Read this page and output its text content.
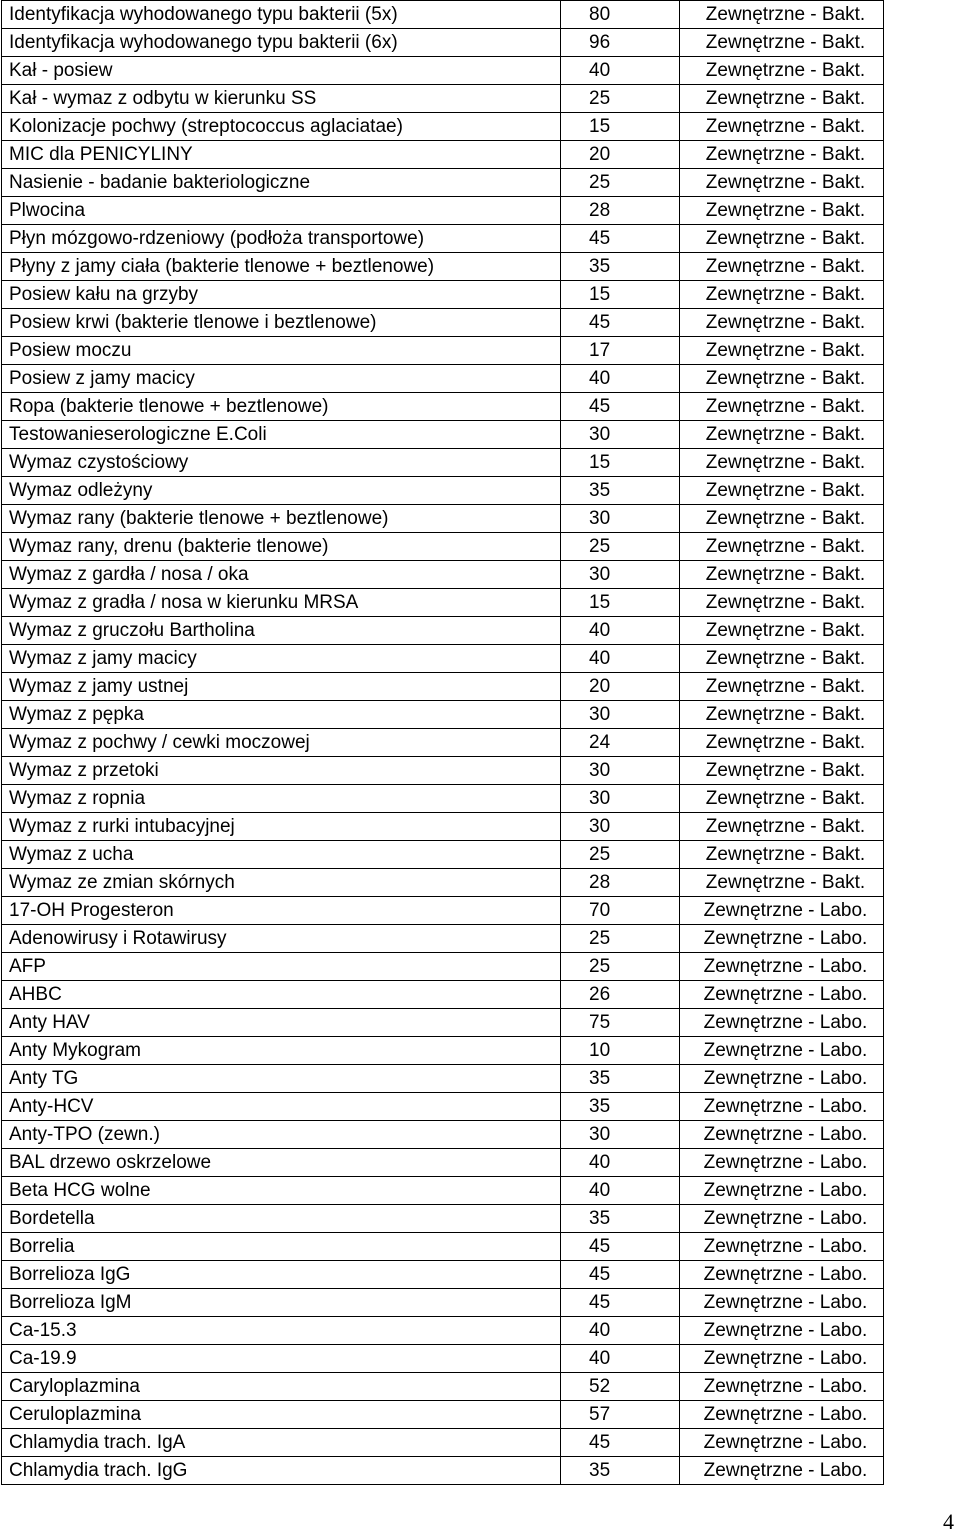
Identyfikacja wyhodowanego typu bakterii (5x)	80	Zewnętrzne - Bakt.
Identyfikacja wyhodowanego typu bakterii (6x)	96	Zewnętrzne - Bakt.
Kał - posiew	40	Zewnętrzne - Bakt.
Kał - wymaz z odbytu w kierunku SS	25	Zewnętrzne - Bakt.
Kolonizacje pochwy (streptococcus aglaciatae)	15	Zewnętrzne - Bakt.
MIC dla PENICYLINY	20	Zewnętrzne - Bakt.
Nasienie - badanie bakteriologiczne	25	Zewnętrzne - Bakt.
Plwocina	28	Zewnętrzne - Bakt.
Płyn mózgowo-rdzeniowy (podłoża transportowe)	45	Zewnętrzne - Bakt.
Płyny z jamy ciała (bakterie tlenowe + beztlenowe)	35	Zewnętrzne - Bakt.
Posiew kału na grzyby	15	Zewnętrzne - Bakt.
Posiew krwi (bakterie tlenowe i beztlenowe)	45	Zewnętrzne - Bakt.
Posiew moczu	17	Zewnętrzne - Bakt.
Posiew z jamy macicy	40	Zewnętrzne - Bakt.
Ropa (bakterie tlenowe + beztlenowe)	45	Zewnętrzne - Bakt.
Testowanieserologiczne E.Coli	30	Zewnętrzne - Bakt.
Wymaz czystościowy	15	Zewnętrzne - Bakt.
Wymaz odleżyny	35	Zewnętrzne - Bakt.
Wymaz rany (bakterie tlenowe + beztlenowe)	30	Zewnętrzne - Bakt.
Wymaz rany, drenu (bakterie tlenowe)	25	Zewnętrzne - Bakt.
Wymaz z gardła / nosa / oka	30	Zewnętrzne - Bakt.
Wymaz z gradła / nosa w kierunku MRSA	15	Zewnętrzne - Bakt.
Wymaz z gruczołu Bartholina	40	Zewnętrzne - Bakt.
Wymaz z jamy macicy	40	Zewnętrzne - Bakt.
Wymaz z jamy ustnej	20	Zewnętrzne - Bakt.
Wymaz z pępka	30	Zewnętrzne - Bakt.
Wymaz z pochwy / cewki moczowej	24	Zewnętrzne - Bakt.
Wymaz z przetoki	30	Zewnętrzne - Bakt.
Wymaz z ropnia	30	Zewnętrzne - Bakt.
Wymaz z rurki intubacyjnej	30	Zewnętrzne - Bakt.
Wymaz z ucha	25	Zewnętrzne - Bakt.
Wymaz ze zmian skórnych	28	Zewnętrzne - Bakt.
17-OH Progesteron	70	Zewnętrzne - Labo.
Adenowirusy i Rotawirusy	25	Zewnętrzne - Labo.
AFP	25	Zewnętrzne - Labo.
AHBC	26	Zewnętrzne - Labo.
Anty HAV	75	Zewnętrzne - Labo.
Anty Mykogram	10	Zewnętrzne - Labo.
Anty TG	35	Zewnętrzne - Labo.
Anty-HCV	35	Zewnętrzne - Labo.
Anty-TPO (zewn.)	30	Zewnętrzne - Labo.
BAL drzewo oskrzelowe	40	Zewnętrzne - Labo.
Beta HCG wolne	40	Zewnętrzne - Labo.
Bordetella	35	Zewnętrzne - Labo.
Borrelia	45	Zewnętrzne - Labo.
Borrelioza IgG	45	Zewnętrzne - Labo.
Borrelioza IgM	45	Zewnętrzne - Labo.
Ca-15.3	40	Zewnętrzne - Labo.
Ca-19.9	40	Zewnętrzne - Labo.
Caryloplazmina	52	Zewnętrzne - Labo.
Ceruloplazmina	57	Zewnętrzne - Labo.
Chlamydia trach. IgA	45	Zewnętrzne - Labo.
Chlamydia trach. IgG	35	Zewnętrzne - Labo.
4
